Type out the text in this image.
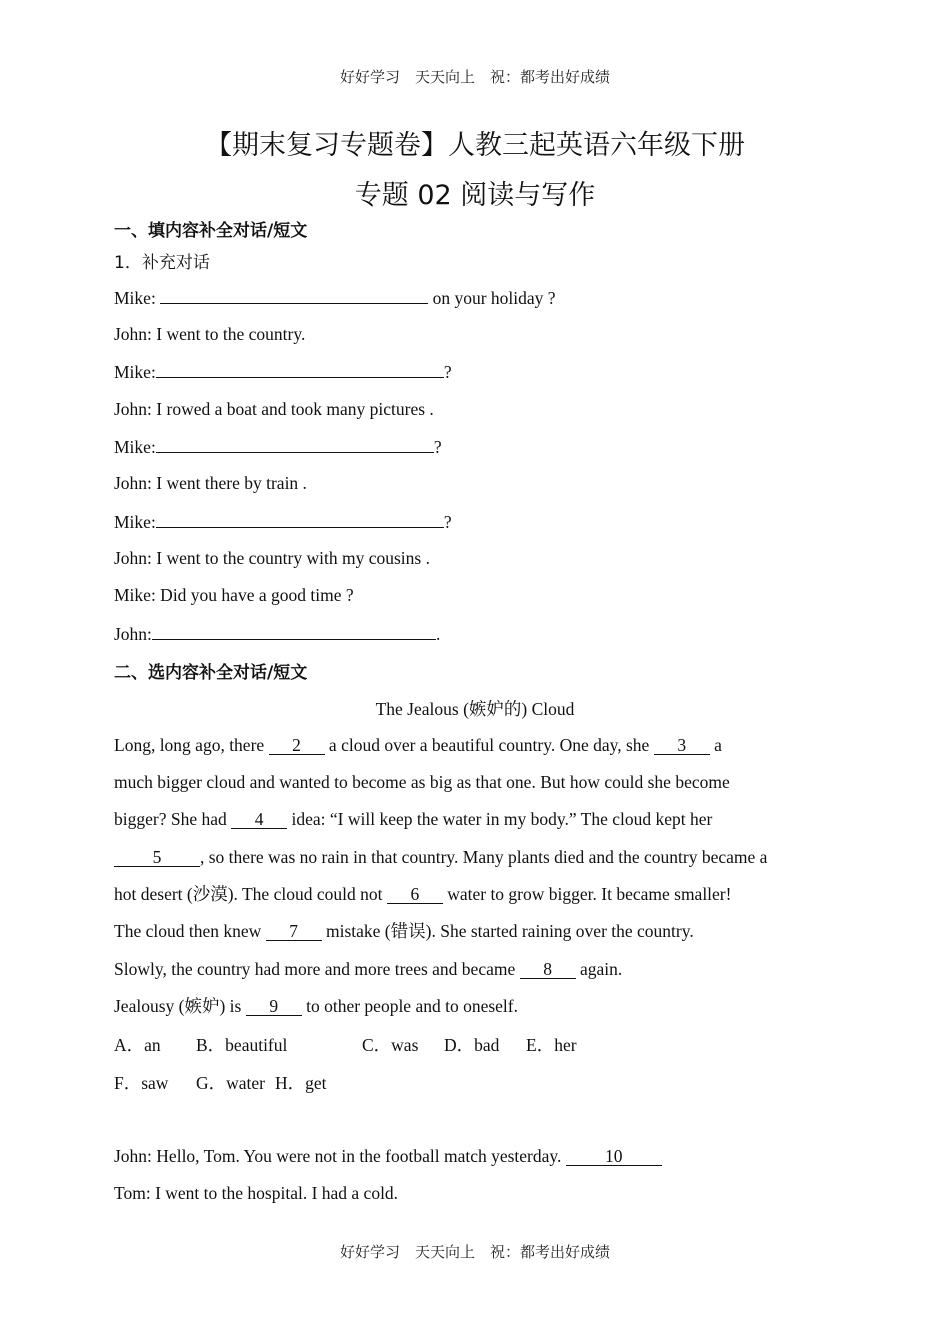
好好学习　天天向上　祝：都考出好成绩
【期末复习专题卷】人教三起英语六年级下册
专题 02 阅读与写作
一、填内容补全对话/短文
1．补充对话
Mike:	on your holiday ?
John: I went to the country.
Mike:	?
John: I rowed a boat and took many pictures .
Mike:	?
John: I went there by train .
Mike:	?
John: I went to the country with my cousins .
Mike: Did you have a good time ?
John:	.
二、选内容补全对话/短文
The Jealous (嫉妒的) Cloud
Long, long ago, there 2 a cloud over a beautiful country. One day, she 3 a
much bigger cloud and wanted to become as big as that one. But how could she become
bigger? She had 4 idea: “I will keep the water in my body.” The cloud kept her
5 , so there was no rain in that country. Many plants died and the country became a
hot desert (沙漠). The cloud could not 6 water to grow bigger. It became smaller!
The cloud then knew 7 mistake (错误). She started raining over the country.
Slowly, the country had more and more trees and became 8 again.
Jealousy (嫉妒) is 9 to other people and to oneself.
A．an B．beautiful	C．was D．bad E．her
F．saw G．water H．get
John: Hello, Tom. You were not in the football match yesterday. 10
Tom: I went to the hospital. I had a cold.
好好学习　天天向上　祝：都考出好成绩
